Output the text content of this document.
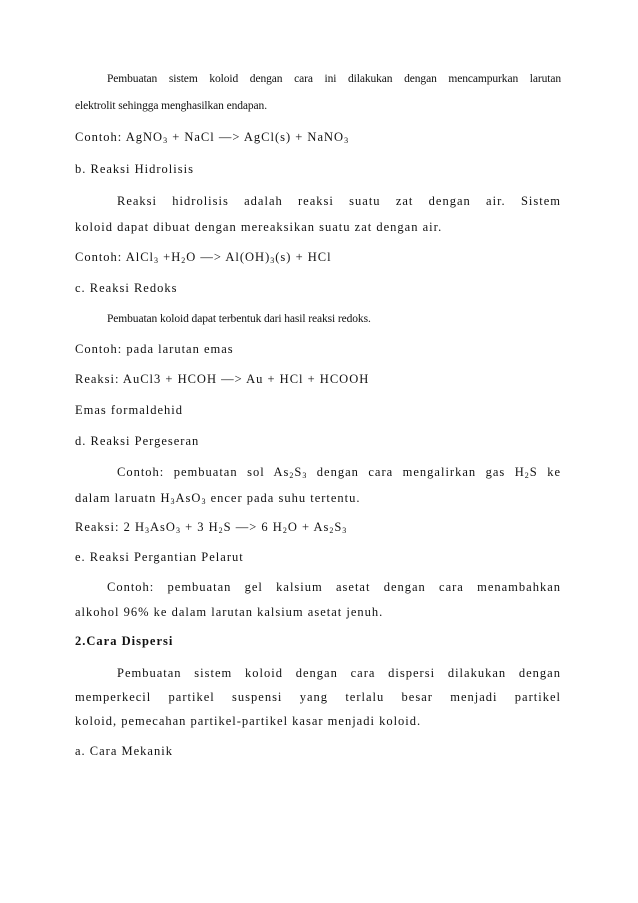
Pembuatan sistem koloid dengan cara ini dilakukan dengan mencampurkan larutan
elektrolit sehingga menghasilkan endapan.
Contoh: AgNO$_3$ + NaCl —> AgCl(s) + NaNO$_3$
b. Reaksi Hidrolisis
Reaksi hidrolisis adalah reaksi suatu zat dengan air. Sistem
koloid dapat dibuat dengan mereaksikan suatu zat dengan air.
Contoh: AlCl$_3$ $+H_2O$ —> $Al(OH)_3(s)$ + HCl
c. Reaksi Redoks
Pembuatan koloid dapat terbentuk dari hasil reaksi redoks.
Contoh: pada larutan emas
Reaksi: AuCl3 + HCOH —> Au + HCl + HCOOH
Emas formaldehid
d. Reaksi Pergeseran
Contoh: pembuatan sol $As_2S_3$ dengan cara mengalirkan gas $H_2S$ ke
dalam laruatn $H_3AsO_3$ encer pada suhu tertentu.
Reaksi: 2 $H_3AsO_3 + 3$ $H_2S$ —> 6 $H_2O + As_2S_3$
e. Reaksi Pergantian Pelarut
Contoh: pembuatan gel kalsium asetat dengan cara menambahkan
alkohol 96% ke dalam larutan kalsium asetat jenuh.
2.Cara Dispersi
Pembuatan sistem koloid dengan cara dispersi dilakukan dengan
memperkecil partikel suspensi yang terlalu besar menjadi partikel
koloid, pemecahan partikel-partikel kasar menjadi koloid.
a. Cara Mekanik
